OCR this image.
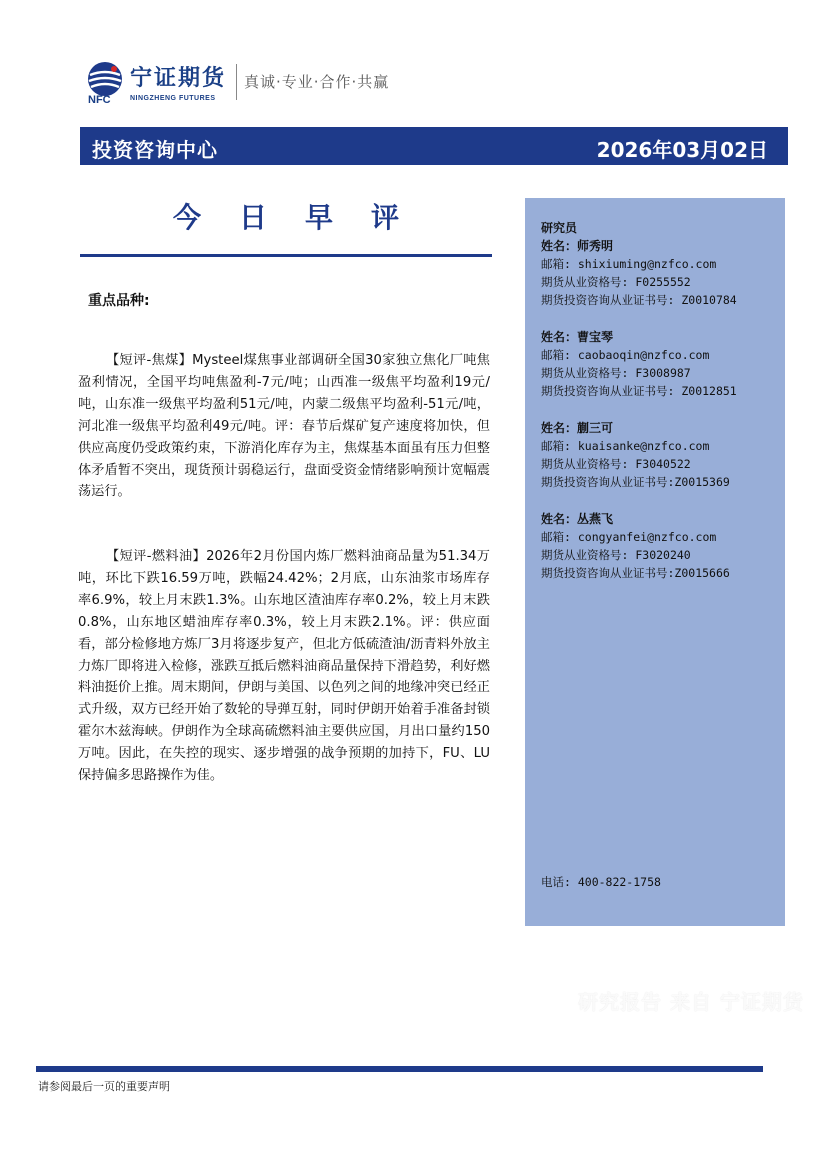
宁证期货
NFC	NINGZHENG FUTURES
真诚·专业·合作·共赢
投资咨询中心	2026年03月02日
今日早评
重点品种:

【短评-焦煤】Mysteel煤焦事业部调研全国30家独立焦化厂吨焦盈利情况，全国平均吨焦盈利-7元/吨；山西准一级焦平均盈利19元/吨，山东准一级焦平均盈利51元/吨，内蒙二级焦平均盈利-51元/吨，河北准一级焦平均盈利49元/吨。评：春节后煤矿复产速度将加快，但供应高度仍受政策约束，下游消化库存为主，焦煤基本面虽有压力但整体矛盾暂不突出，现货预计弱稳运行，盘面受资金情绪影响预计宽幅震荡运行。

【短评-燃料油】2026年2月份国内炼厂燃料油商品量为51.34万吨，环比下跌16.59万吨，跌幅24.42%；2月底，山东油浆市场库存率6.9%，较上月末跌1.3%。山东地区渣油库存率0.2%，较上月末跌0.8%，山东地区蜡油库存率0.3%，较上月末跌2.1%。评：供应面看，部分检修地方炼厂3月将逐步复产，但北方低硫渣油/沥青料外放主力炼厂即将进入检修，涨跌互抵后燃料油商品量保持下滑趋势，利好燃料油挺价上推。周末期间，伊朗与美国、以色列之间的地缘冲突已经正式升级，双方已经开始了数轮的导弹互射，同时伊朗开始着手准备封锁霍尔木兹海峡。伊朗作为全球高硫燃料油主要供应国，月出口量约150万吨。因此，在失控的现实、逐步增强的战争预期的加持下，FU、LU保持偏多思路操作为佳。

研究员
姓名：师秀明
邮箱: shixiuming@nzfco.com
期货从业资格号: F0255552
期货投资咨询从业证书号: Z0010784
姓名：曹宝琴
邮箱: caobaoqin@nzfco.com
期货从业资格号: F3008987
期货投资咨询从业证书号: Z0012851
姓名：蒯三可
邮箱: kuaisanke@nzfco.com
期货从业资格号: F3040522
期货投资咨询从业证书号:Z0015369
姓名：丛燕飞
邮箱: congyanfei@nzfco.com
期货从业资格号: F3020240
期货投资咨询从业证书号:Z0015666
电话: 400-822-1758
研究报告 来自 宁证期货
请参阅最后一页的重要声明
